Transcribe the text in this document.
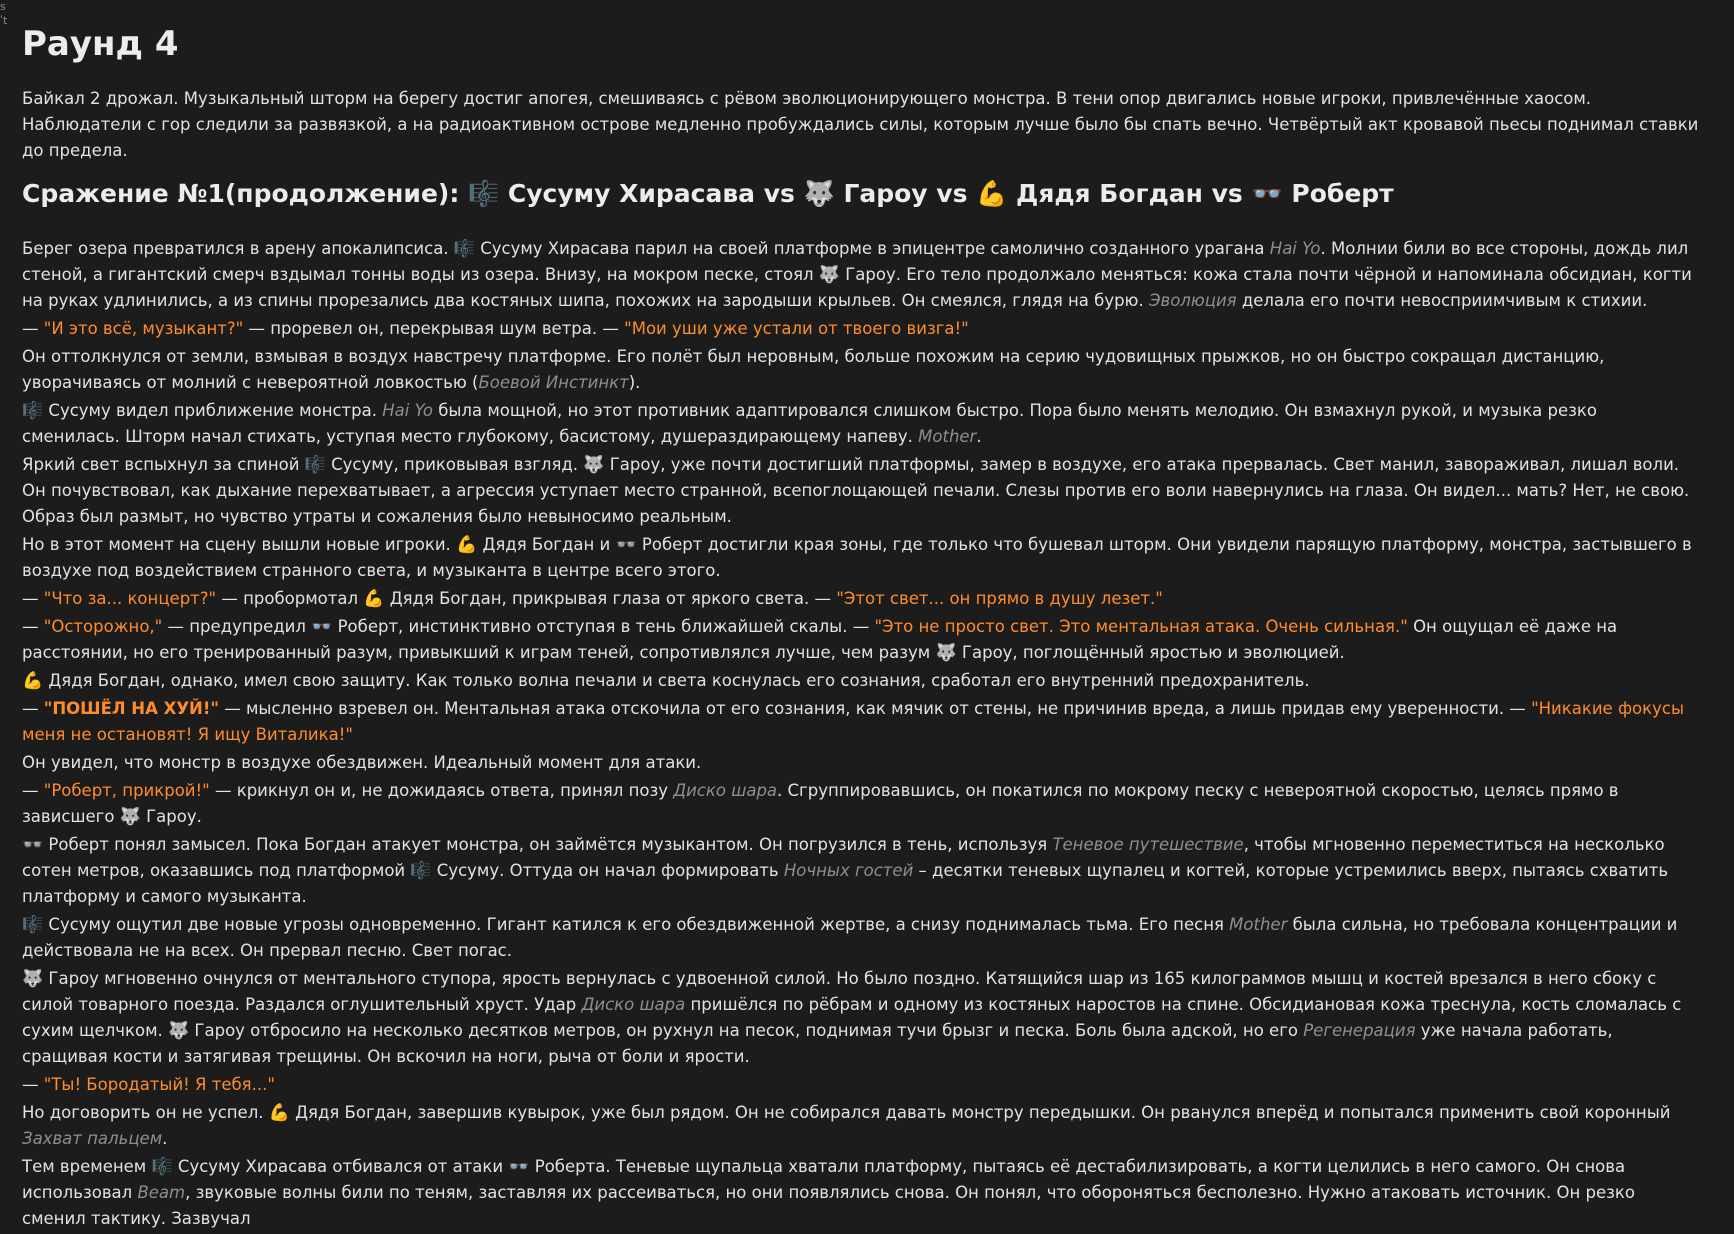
s
ʹt
Раунд 4

Байкал 2 дрожал. Музыкальный шторм на берегу достиг апогея, смешиваясь с рёвом эволюционирующего монстра. В тени опор двигались новые игроки, привлечённые хаосом. Наблюдатели с гор следили за развязкой, а на радиоактивном острове медленно пробуждались силы, которым лучше было бы спать вечно. Четвёртый акт кровавой пьесы поднимал ставки до предела.

Сражение №1(продолжение): 🎼 Сусуму Хирасава vs 🐺 Гароу vs 💪 Дядя Богдан vs 👓 Роберт

Берег озера превратился в арену апокалипсиса. 🎼 Сусуму Хирасава парил на своей платформе в эпицентре самолично созданного урагана Hai Yo. Молнии били во все стороны, дождь лил стеной, а гигантский смерч вздымал тонны воды из озера. Внизу, на мокром песке, стоял 🐺 Гароу. Его тело продолжало меняться: кожа стала почти чёрной и напоминала обсидиан, когти на руках удлинились, а из спины прорезались два костяных шипа, похожих на зародыши крыльев. Он смеялся, глядя на бурю. Эволюция делала его почти невосприимчивым к стихии.

— "И это всё, музыкант?" — проревел он, перекрывая шум ветра. — "Мои уши уже устали от твоего визга!"

Он оттолкнулся от земли, взмывая в воздух навстречу платформе. Его полёт был неровным, больше похожим на серию чудовищных прыжков, но он быстро сокращал дистанцию, уворачиваясь от молний с невероятной ловкостью (Боевой Инстинкт).

🎼 Сусуму видел приближение монстра. Hai Yo была мощной, но этот противник адаптировался слишком быстро. Пора было менять мелодию. Он взмахнул рукой, и музыка резко сменилась. Шторм начал стихать, уступая место глубокому, басистому, душераздирающему напеву. Mother.

Яркий свет вспыхнул за спиной 🎼 Сусуму, приковывая взгляд. 🐺 Гароу, уже почти достигший платформы, замер в воздухе, его атака прервалась. Свет манил, завораживал, лишал воли. Он почувствовал, как дыхание перехватывает, а агрессия уступает место странной, всепоглощающей печали. Слезы против его воли навернулись на глаза. Он видел... мать? Нет, не свою. Образ был размыт, но чувство утраты и сожаления было невыносимо реальным.

Но в этот момент на сцену вышли новые игроки. 💪 Дядя Богдан и 👓 Роберт достигли края зоны, где только что бушевал шторм. Они увидели парящую платформу, монстра, застывшего в воздухе под воздействием странного света, и музыканта в центре всего этого.

— "Что за... концерт?" — пробормотал 💪 Дядя Богдан, прикрывая глаза от яркого света. — "Этот свет... он прямо в душу лезет."

— "Осторожно," — предупредил 👓 Роберт, инстинктивно отступая в тень ближайшей скалы. — "Это не просто свет. Это ментальная атака. Очень сильная." Он ощущал её даже на расстоянии, но его тренированный разум, привыкший к играм теней, сопротивлялся лучше, чем разум 🐺 Гароу, поглощённый яростью и эволюцией.

💪 Дядя Богдан, однако, имел свою защиту. Как только волна печали и света коснулась его сознания, сработал его внутренний предохранитель.

— "ПОШЁЛ НА ХУЙ!" — мысленно взревел он. Ментальная атака отскочила от его сознания, как мячик от стены, не причинив вреда, а лишь придав ему уверенности. — "Никакие фокусы меня не остановят! Я ищу Виталика!"

Он увидел, что монстр в воздухе обездвижен. Идеальный момент для атаки.

— "Роберт, прикрой!" — крикнул он и, не дожидаясь ответа, принял позу Диско шара. Сгруппировавшись, он покатился по мокрому песку с невероятной скоростью, целясь прямо в зависшего 🐺 Гароу.

👓 Роберт понял замысел. Пока Богдан атакует монстра, он займётся музыкантом. Он погрузился в тень, используя Теневое путешествие, чтобы мгновенно переместиться на несколько сотен метров, оказавшись под платформой 🎼 Сусуму. Оттуда он начал формировать Ночных гостей – десятки теневых щупалец и когтей, которые устремились вверх, пытаясь схватить платформу и самого музыканта.

🎼 Сусуму ощутил две новые угрозы одновременно. Гигант катился к его обездвиженной жертве, а снизу поднималась тьма. Его песня Mother была сильна, но требовала концентрации и действовала не на всех. Он прервал песню. Свет погас.

🐺 Гароу мгновенно очнулся от ментального ступора, ярость вернулась с удвоенной силой. Но было поздно. Катящийся шар из 165 килограммов мышц и костей врезался в него сбоку с силой товарного поезда. Раздался оглушительный хруст. Удар Диско шара пришёлся по рёбрам и одному из костяных наростов на спине. Обсидиановая кожа треснула, кость сломалась с сухим щелчком. 🐺 Гароу отбросило на несколько десятков метров, он рухнул на песок, поднимая тучи брызг и песка. Боль была адской, но его Регенерация уже начала работать, сращивая кости и затягивая трещины. Он вскочил на ноги, рыча от боли и ярости.

— "Ты! Бородатый! Я тебя..."

Но договорить он не успел. 💪 Дядя Богдан, завершив кувырок, уже был рядом. Он не собирался давать монстру передышки. Он рванулся вперёд и попытался применить свой коронный Захват пальцем.

Тем временем 🎼 Сусуму Хирасава отбивался от атаки 👓 Роберта. Теневые щупальца хватали платформу, пытаясь её дестабилизировать, а когти целились в него самого. Он снова использовал Beam, звуковые волны били по теням, заставляя их рассеиваться, но они появлялись снова. Он понял, что обороняться бесполезно. Нужно атаковать источник. Он резко сменил тактику. Зазвучал
